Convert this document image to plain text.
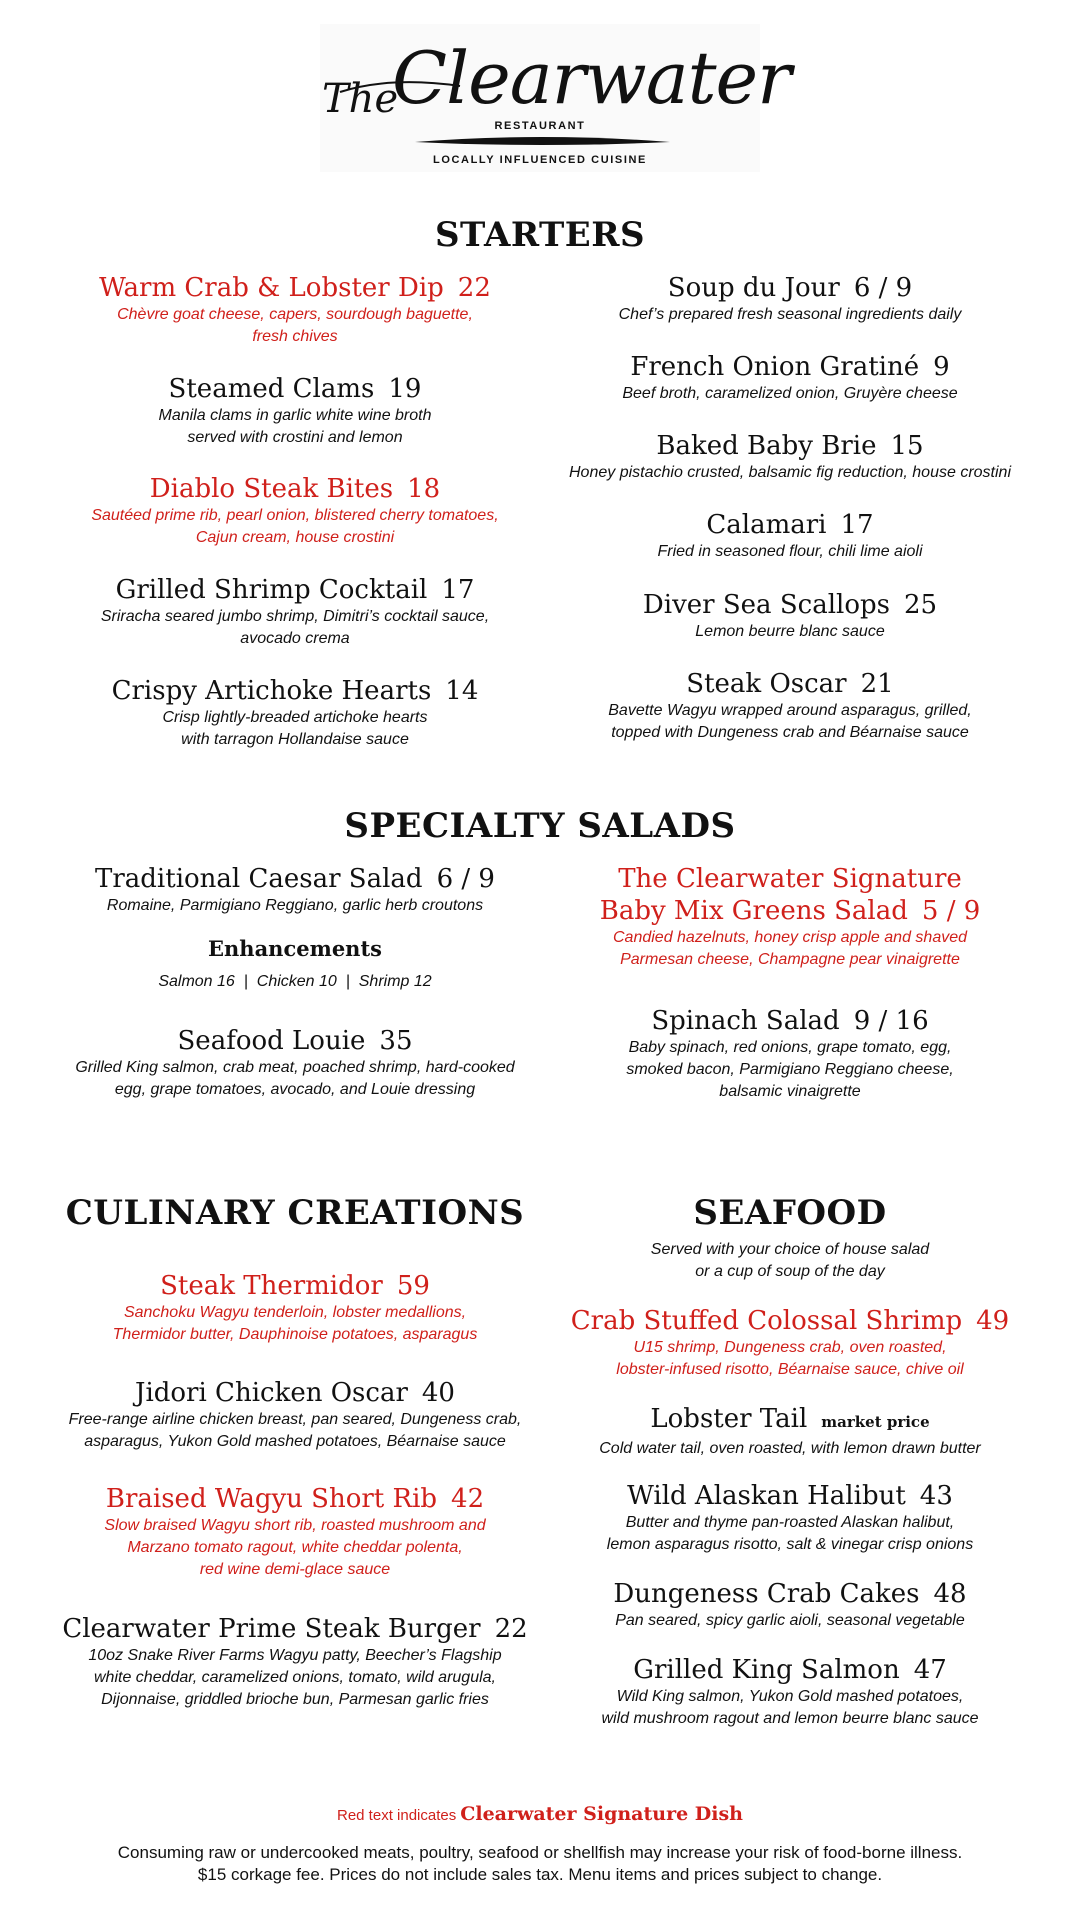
The
Clearwater
RESTAURANT
LOCALLY INFLUENCED CUISINE
STARTERS
Warm Crab & Lobster Dip 22
Chèvre goat cheese, capers, sourdough baguette,
fresh chives
Steamed Clams 19
Manila clams in garlic white wine broth
served with crostini and lemon
Diablo Steak Bites 18
Sautéed prime rib, pearl onion, blistered cherry tomatoes,
Cajun cream, house crostini
Grilled Shrimp Cocktail 17
Sriracha seared jumbo shrimp, Dimitri’s cocktail sauce,
avocado crema
Crispy Artichoke Hearts 14
Crisp lightly-breaded artichoke hearts
with tarragon Hollandaise sauce
Soup du Jour 6 / 9
Chef’s prepared fresh seasonal ingredients daily
French Onion Gratiné 9
Beef broth, caramelized onion, Gruyère cheese
Baked Baby Brie 15
Honey pistachio crusted, balsamic fig reduction, house crostini
Calamari 17
Fried in seasoned flour, chili lime aioli
Diver Sea Scallops 25
Lemon beurre blanc sauce
Steak Oscar 21
Bavette Wagyu wrapped around asparagus, grilled,
topped with Dungeness crab and Béarnaise sauce
SPECIALTY SALADS
Traditional Caesar Salad 6 / 9
Romaine, Parmigiano Reggiano, garlic herb croutons
Enhancements
Salmon 16  |  Chicken 10  |  Shrimp 12
Seafood Louie 35
Grilled King salmon, crab meat, poached shrimp, hard-cooked
egg, grape tomatoes, avocado, and Louie dressing
The Clearwater Signature
Baby Mix Greens Salad 5 / 9
Candied hazelnuts, honey crisp apple and shaved
Parmesan cheese, Champagne pear vinaigrette
Spinach Salad 9 / 16
Baby spinach, red onions, grape tomato, egg,
smoked bacon, Parmigiano Reggiano cheese,
balsamic vinaigrette
CULINARY CREATIONS
Steak Thermidor 59
Sanchoku Wagyu tenderloin, lobster medallions,
Thermidor butter, Dauphinoise potatoes, asparagus
Jidori Chicken Oscar 40
Free-range airline chicken breast, pan seared, Dungeness crab,
asparagus, Yukon Gold mashed potatoes, Béarnaise sauce
Braised Wagyu Short Rib 42
Slow braised Wagyu short rib, roasted mushroom and
Marzano tomato ragout, white cheddar polenta,
red wine demi-glace sauce
Clearwater Prime Steak Burger 22
10oz Snake River Farms Wagyu patty, Beecher’s Flagship
white cheddar, caramelized onions, tomato, wild arugula,
Dijonnaise, griddled brioche bun, Parmesan garlic fries
SEAFOOD
Served with your choice of house salad
or a cup of soup of the day
Crab Stuffed Colossal Shrimp 49
U15 shrimp, Dungeness crab, oven roasted,
lobster-infused risotto, Béarnaise sauce, chive oil
Lobster Tail market price
Cold water tail, oven roasted, with lemon drawn butter
Wild Alaskan Halibut 43
Butter and thyme pan-roasted Alaskan halibut,
lemon asparagus risotto, salt & vinegar crisp onions
Dungeness Crab Cakes 48
Pan seared, spicy garlic aioli, seasonal vegetable
Grilled King Salmon 47
Wild King salmon, Yukon Gold mashed potatoes,
wild mushroom ragout and lemon beurre blanc sauce
Red text indicates Clearwater Signature Dish
Consuming raw or undercooked meats, poultry, seafood or shellfish may increase your risk of food-borne illness.
$15 corkage fee. Prices do not include sales tax. Menu items and prices subject to change.
